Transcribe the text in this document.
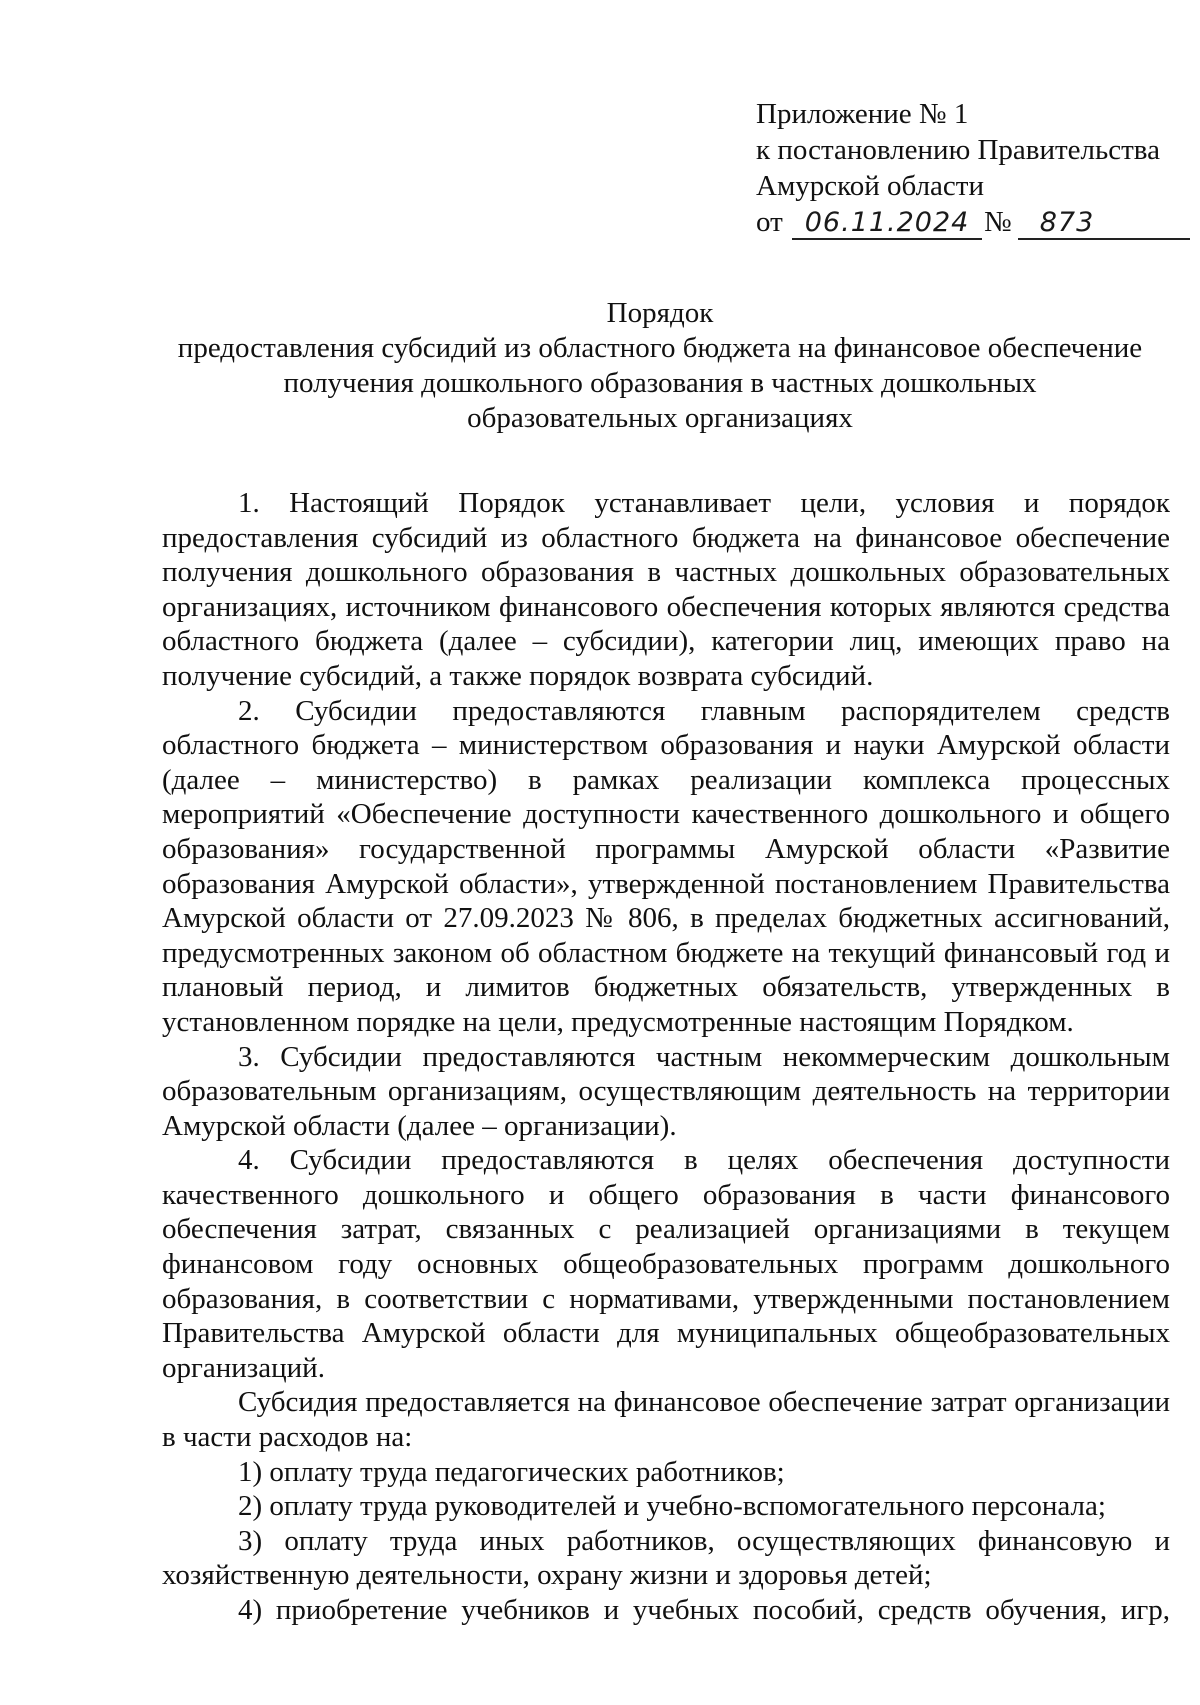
Приложение № 1
к постановлению Правительства
Амурской области
от 06.11.2024 № 873
Порядок
предоставления субсидий из областного бюджета на финансовое обеспечение
получения дошкольного образования в частных дошкольных
образовательных организациях

1. Настоящий Порядок устанавливает цели, условия и порядок предоставления субсидий из областного бюджета на финансовое обеспечение получения дошкольного образования в частных дошкольных образовательных организациях, источником финансового обеспечения которых являются средства областного бюджета (далее – субсидии), категории лиц, имеющих право на получение субсидий, а также порядок возврата субсидий.

2. Субсидии предоставляются главным распорядителем средств областного бюджета – министерством образования и науки Амурской области (далее – министерство) в рамках реализации комплекса процессных мероприятий «Обеспечение доступности качественного дошкольного и общего образования» государственной программы Амурской области «Развитие образования Амурской области», утвержденной постановлением Правительства Амурской области от 27.09.2023 № 806, в пределах бюджетных ассигнований, предусмотренных законом об областном бюджете на текущий финансовый год и плановый период, и лимитов бюджетных обязательств, утвержденных в установленном порядке на цели, предусмотренные настоящим Порядком.

3. Субсидии предоставляются частным некоммерческим дошкольным образовательным организациям, осуществляющим деятельность на территории Амурской области (далее – организации).

4. Субсидии предоставляются в целях обеспечения доступности качественного дошкольного и общего образования в части финансового обеспечения затрат, связанных с реализацией организациями в текущем финансовом году основных общеобразовательных программ дошкольного образования, в соответствии с нормативами, утвержденными постановлением Правительства Амурской области для муниципальных общеобразовательных организаций.

Субсидия предоставляется на финансовое обеспечение затрат организации в части расходов на:

1) оплату труда педагогических работников;

2) оплату труда руководителей и учебно-вспомогательного персонала;

3) оплату труда иных работников, осуществляющих финансовую и хозяйственную деятельности, охрану жизни и здоровья детей;

4) приобретение учебников и учебных пособий, средств обучения, игр,
